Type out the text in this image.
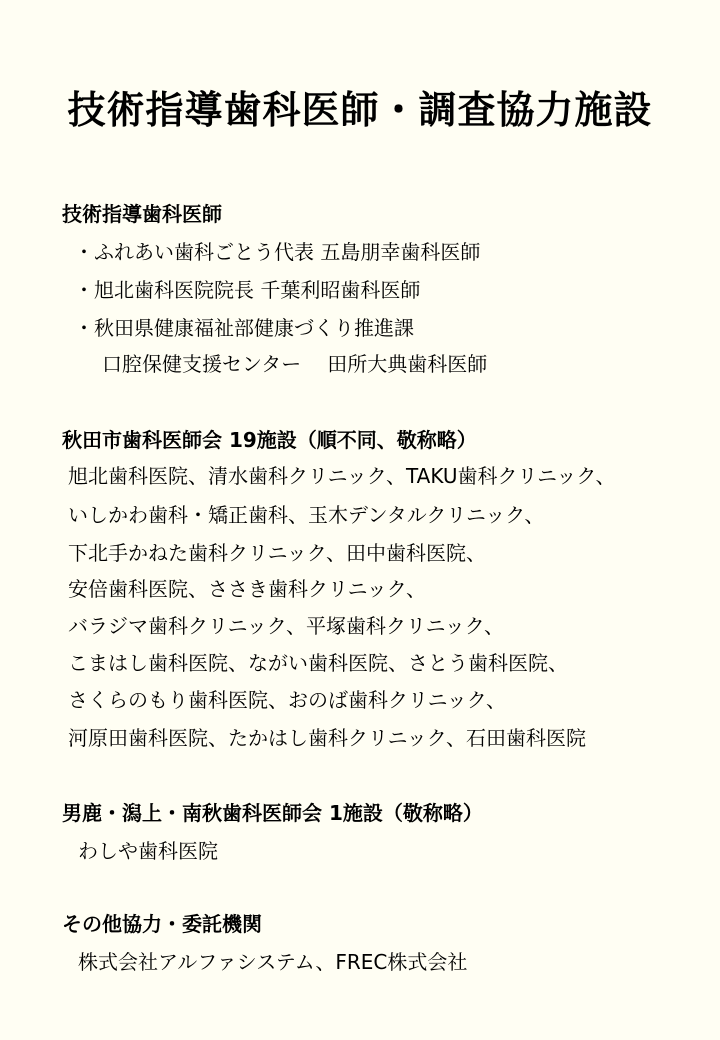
技術指導歯科医師・調査協力施設
技術指導歯科医師
・ふれあい歯科ごとう代表 五島朋幸歯科医師
・旭北歯科医院院長 千葉利昭歯科医師
・秋田県健康福祉部健康づくり推進課
口腔保健支援センター 田所大典歯科医師
秋田市歯科医師会 19施設（順不同、敬称略）
旭北歯科医院、清水歯科クリニック、TAKU歯科クリニック、
いしかわ歯科・矯正歯科、玉木デンタルクリニック、
下北手かねた歯科クリニック、田中歯科医院、
安倍歯科医院、ささき歯科クリニック、
バラジマ歯科クリニック、平塚歯科クリニック、
こまはし歯科医院、ながい歯科医院、さとう歯科医院、
さくらのもり歯科医院、おのば歯科クリニック、
河原田歯科医院、たかはし歯科クリニック、石田歯科医院
男鹿・潟上・南秋歯科医師会 1施設（敬称略）
わしや歯科医院
その他協力・委託機関
株式会社アルファシステム、FREC株式会社
